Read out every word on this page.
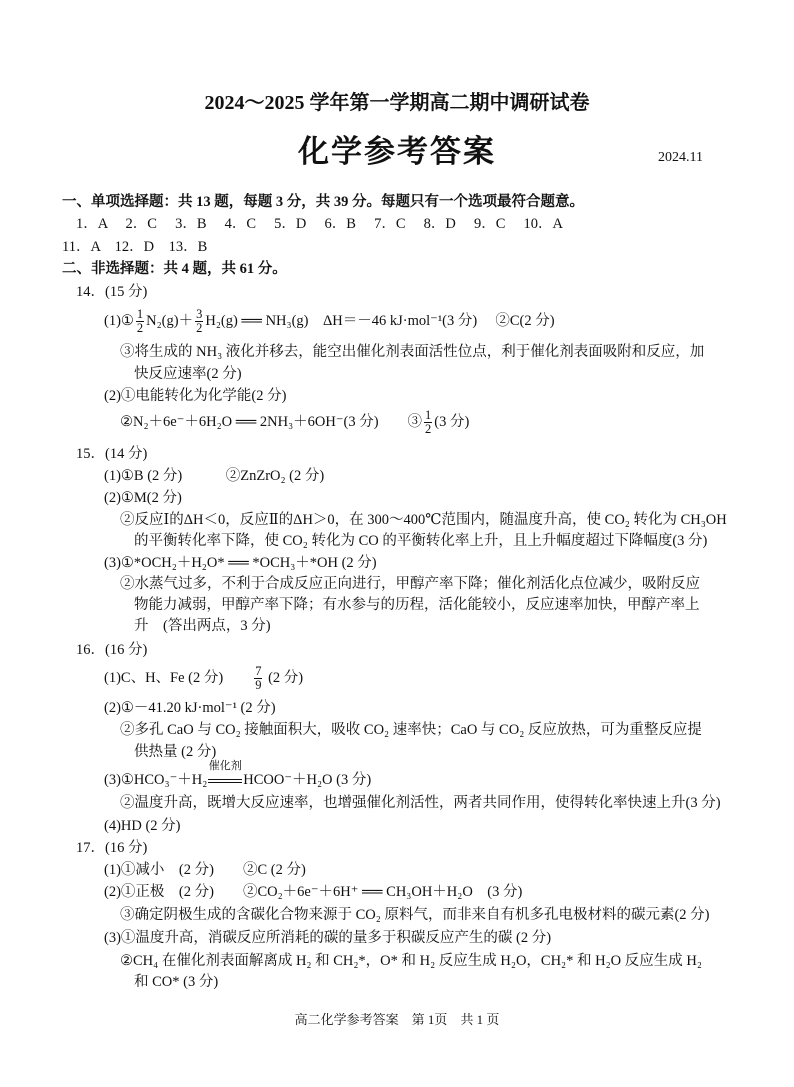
2024～2025 学年第一学期高二期中调研试卷
化学参考答案	2024.11
一、单项选择题：共 13 题，每题 3 分，共 39 分。每题只有一个选项最符合题意。
1．A　 2．C　 3．B　 4．C　 5．D　 6．B　 7．C　 8．D　 9．C　 10．A
11．A　12．D　13．B
二、非选择题：共 4 题，共 61 分。
14．(15 分)
(1)① $\frac{1}{2} N_2(g)+ \frac{3}{2} H_2(g)$ ══ NH₃(g)　ΔH＝－46 kJ·mol⁻¹(3 分)　 ②C(2 分)
③将生成的 NH₃ 液化并移去，能空出催化剂表面活性位点，利于催化剂表面吸附和反应，加
快反应速率(2 分)
(2)①电能转化为化学能(2 分)
②N₂＋6e⁻＋6H₂O ══ 2NH₃＋6OH⁻(3 分)　　③ $\frac{1}{2} (3$ 分)
15．(14 分)
(1)①B (2 分)　　　②ZnZrO₂ (2 分)
(2)①M(2 分)
②反应Ⅰ的ΔH＜0，反应Ⅱ的ΔH＞0，在 300～400℃范围内，随温度升高，使 CO₂ 转化为 CH₃OH
的平衡转化率下降，使 CO₂ 转化为 CO 的平衡转化率上升，且上升幅度超过下降幅度(3 分)
(3)①*OCH₂＋H₂O* ══ *OCH₃＋*OH (2 分)
②水蒸气过多，不利于合成反应正向进行，甲醇产率下降；催化剂活化点位减少，吸附反应
物能力减弱，甲醇产率下降；有水参与的历程，活化能较小，反应速率加快，甲醇产率上
升　(答出两点，3 分)
16．(16 分)
(1)C、H、Fe (2 分)　　 $\frac{7}{9} (2$ 分)
(2)①－41.20 kJ·mol⁻¹ (2 分)
②多孔 CaO 与 CO₂ 接触面积大，吸收 CO₂ 速率快；CaO 与 CO₂ 反应放热，可为重整反应提
供热量 (2 分)
(3)①HCO₃⁻＋H₂
催化剂
HCOO⁻＋H₂O (3 分)
②温度升高，既增大反应速率，也增强催化剂活性，两者共同作用，使得转化率快速上升(3 分)
(4)HD (2 分)
17．(16 分)
(1)①减小　(2 分)　　②C (2 分)
(2)①正极　(2 分)　　②CO₂＋6e⁻＋6H⁺ ══ CH₃OH＋H₂O　(3 分)
③确定阴极生成的含碳化合物来源于 CO₂ 原料气，而非来自有机多孔电极材料的碳元素(2 分)
(3)①温度升高，消碳反应所消耗的碳的量多于积碳反应产生的碳 (2 分)
②CH₄ 在催化剂表面解离成 H₂ 和 CH₂*，O* 和 H₂ 反应生成 H₂O，CH₂* 和 H₂O 反应生成 H₂
和 CO* (3 分)
高二化学参考答案　第 1页　共 1 页
